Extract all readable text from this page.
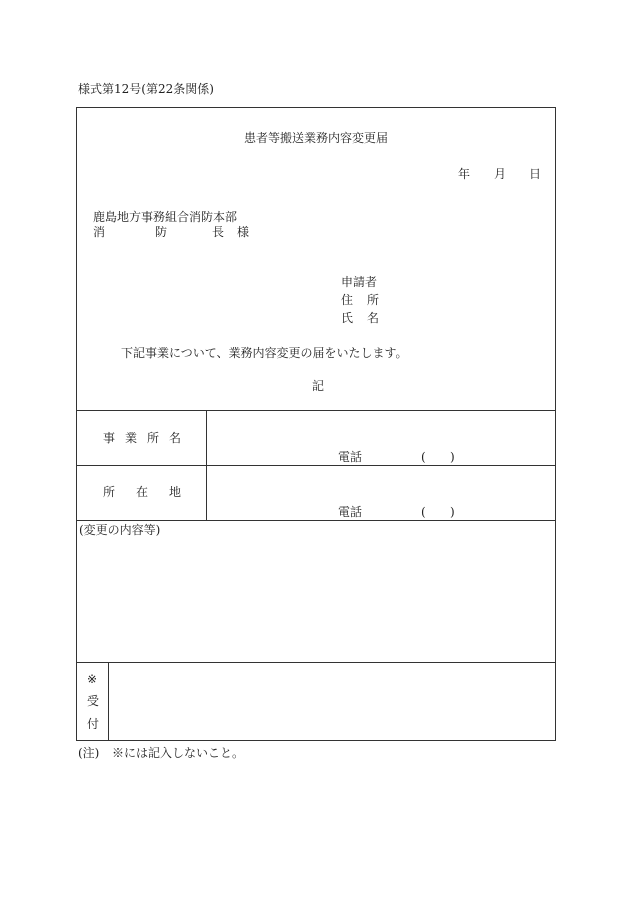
様式第12号(第22条関係)
患者等搬送業務内容変更届
年 月 日
鹿島地方事務組合消防本部
消	防	長 様
申請者
住 所
氏 名
下記事業について、業務内容変更の届をいたします。
記
事 業 所 名
電話	( )
所 在 地
電話	( )
(変更の内容等)
※
受
付
(注) ※には記入しないこと。
